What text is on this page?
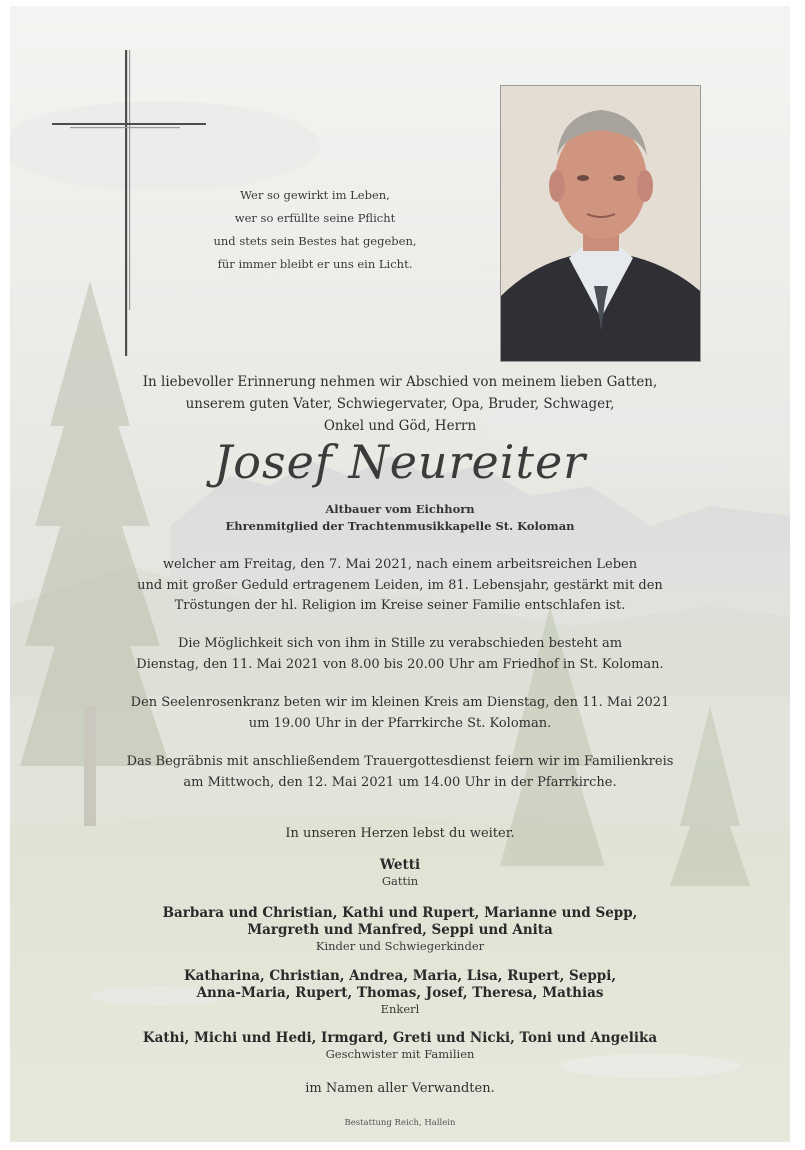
Wer so gewirkt im Leben,
wer so erfüllte seine Pflicht
und stets sein Bestes hat gegeben,
für immer bleibt er uns ein Licht.
In liebevoller Erinnerung nehmen wir Abschied von meinem lieben Gatten,
unserem guten Vater, Schwiegervater, Opa, Bruder, Schwager,
Onkel und Göd, Herrn
Josef Neureiter
Altbauer vom Eichhorn
Ehrenmitglied der Trachtenmusikkapelle St. Koloman
welcher am Freitag, den 7. Mai 2021, nach einem arbeitsreichen Leben
und mit großer Geduld ertragenem Leiden, im 81. Lebensjahr, gestärkt mit den
Tröstungen der hl. Religion im Kreise seiner Familie entschlafen ist.
Die Möglichkeit sich von ihm in Stille zu verabschieden besteht am
Dienstag, den 11. Mai 2021 von 8.00 bis 20.00 Uhr am Friedhof in St. Koloman.
Den Seelenrosenkranz beten wir im kleinen Kreis am Dienstag, den 11. Mai 2021
um 19.00 Uhr in der Pfarrkirche St. Koloman.
Das Begräbnis mit anschließendem Trauergottesdienst feiern wir im Familienkreis
am Mittwoch, den 12. Mai 2021 um 14.00 Uhr in der Pfarrkirche.
In unseren Herzen lebst du weiter.
Wetti
Gattin
Barbara und Christian, Kathi und Rupert, Marianne und Sepp,
Margreth und Manfred, Seppi und Anita
Kinder und Schwiegerkinder
Katharina, Christian, Andrea, Maria, Lisa, Rupert, Seppi,
Anna-Maria, Rupert, Thomas, Josef, Theresa, Mathias
Enkerl
Kathi, Michi und Hedi, Irmgard, Greti und Nicki, Toni und Angelika
Geschwister mit Familien
im Namen aller Verwandten.
Bestattung Reich, Hallein
